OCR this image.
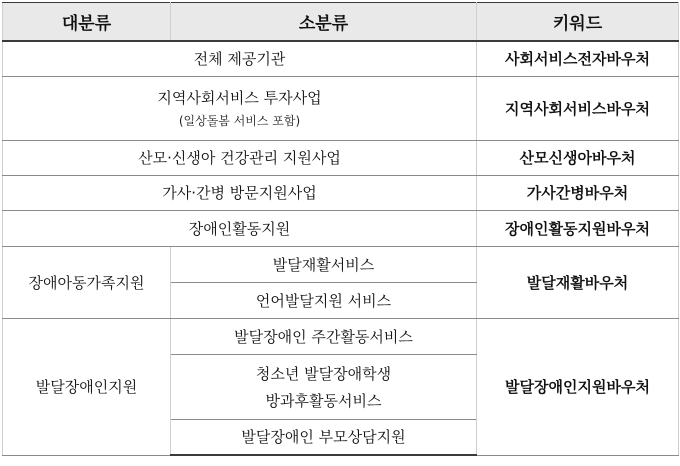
대분류	소분류	키워드
전체 제공기관		사회서비스전자바우처

지역사회서비스 투자사업
(일상돌봄 서비스 포함)		지역사회서비스바우처
산모·신생아 건강관리 지원사업		산모신생아바우처
가사·간병 방문지원사업		가사간병바우처
장애인활동지원		장애인활동지원바우처
장애아동가족지원	발달재활서비스	발달재활바우처
	언어발달지원 서비스	
발달장애인지원	발달장애인 주간활동서비스	발달장애인지원바우처

	청소년 발달장애학생
방과후활동서비스	

	발달장애인 부모상담지원	
